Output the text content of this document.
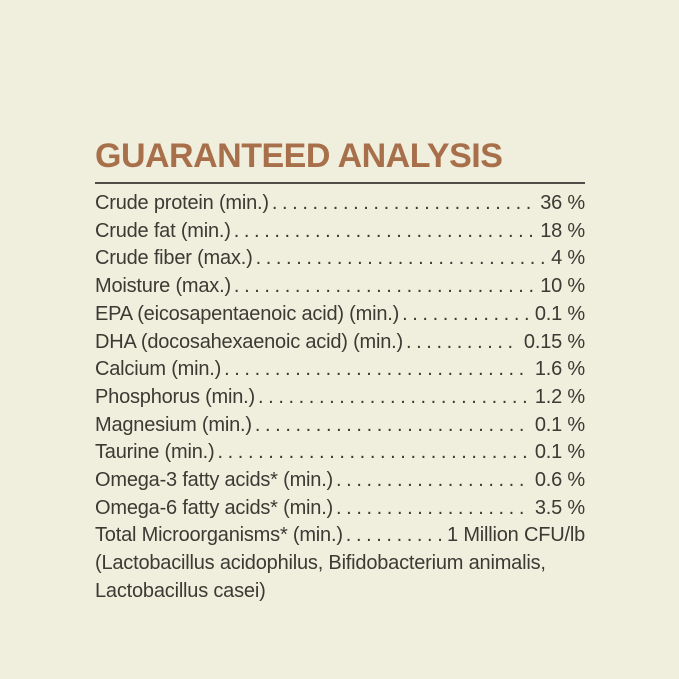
GUARANTEED ANALYSIS
Crude protein (min.) .....	36 %
Crude fat (min.) .....	18 %
Crude fiber (max.) .....	4 %
Moisture (max.) .....	10 %
EPA (eicosapentaenoic acid) (min.) .....	0.1 %
DHA (docosahexaenoic acid) (min.) .....	0.15 %
Calcium (min.) .....	1.6 %
Phosphorus (min.) .....	1.2 %
Magnesium (min.) .....	0.1 %
Taurine (min.) .....	0.1 %
Omega-3 fatty acids* (min.) .....	0.6 %
Omega-6 fatty acids* (min.) .....	3.5 %
Total Microorganisms* (min.) .....	1 Million CFU/lb
(Lactobacillus acidophilus, Bifidobacterium animalis,
Lactobacillus casei)
